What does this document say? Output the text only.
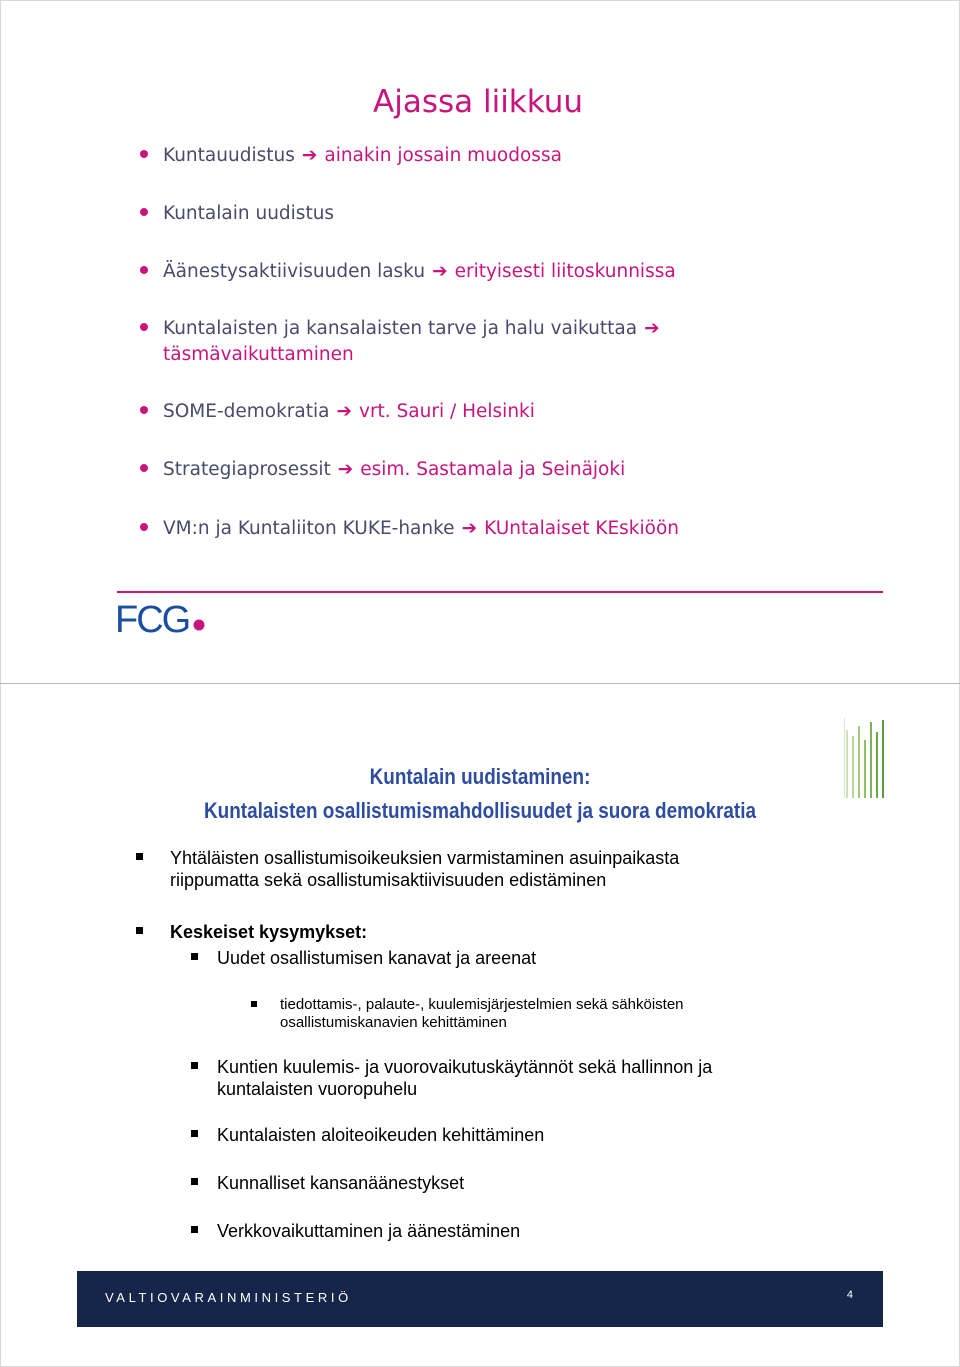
Ajassa liikkuu
Kuntauudistus ➔ ainakin jossain muodossa
Kuntalain uudistus
Äänestysaktiivisuuden lasku ➔ erityisesti liitoskunnissa
Kuntalaisten ja kansalaisten tarve ja halu vaikuttaa ➔
täsmävaikuttaminen
SOME-demokratia ➔ vrt. Sauri / Helsinki
Strategiaprosessit ➔ esim. Sastamala ja Seinäjoki
VM:n ja Kuntaliiton KUKE-hanke ➔ KUntalaiset KEskiöön
FCG
Kuntalain uudistaminen:
Kuntalaisten osallistumismahdollisuudet ja suora demokratia
Yhtäläisten osallistumisoikeuksien varmistaminen asuinpaikasta
riippumatta sekä osallistumisaktiivisuuden edistäminen
Keskeiset kysymykset:
Uudet osallistumisen kanavat ja areenat
tiedottamis-, palaute-, kuulemisjärjestelmien sekä sähköisten
osallistumiskanavien kehittäminen
Kuntien kuulemis- ja vuorovaikutuskäytännöt sekä hallinnon ja
kuntalaisten vuoropuhelu
Kuntalaisten aloiteoikeuden kehittäminen
Kunnalliset kansanäänestykset
Verkkovaikuttaminen ja äänestäminen
VALTIOVARAINMINISTERIÖ	4
